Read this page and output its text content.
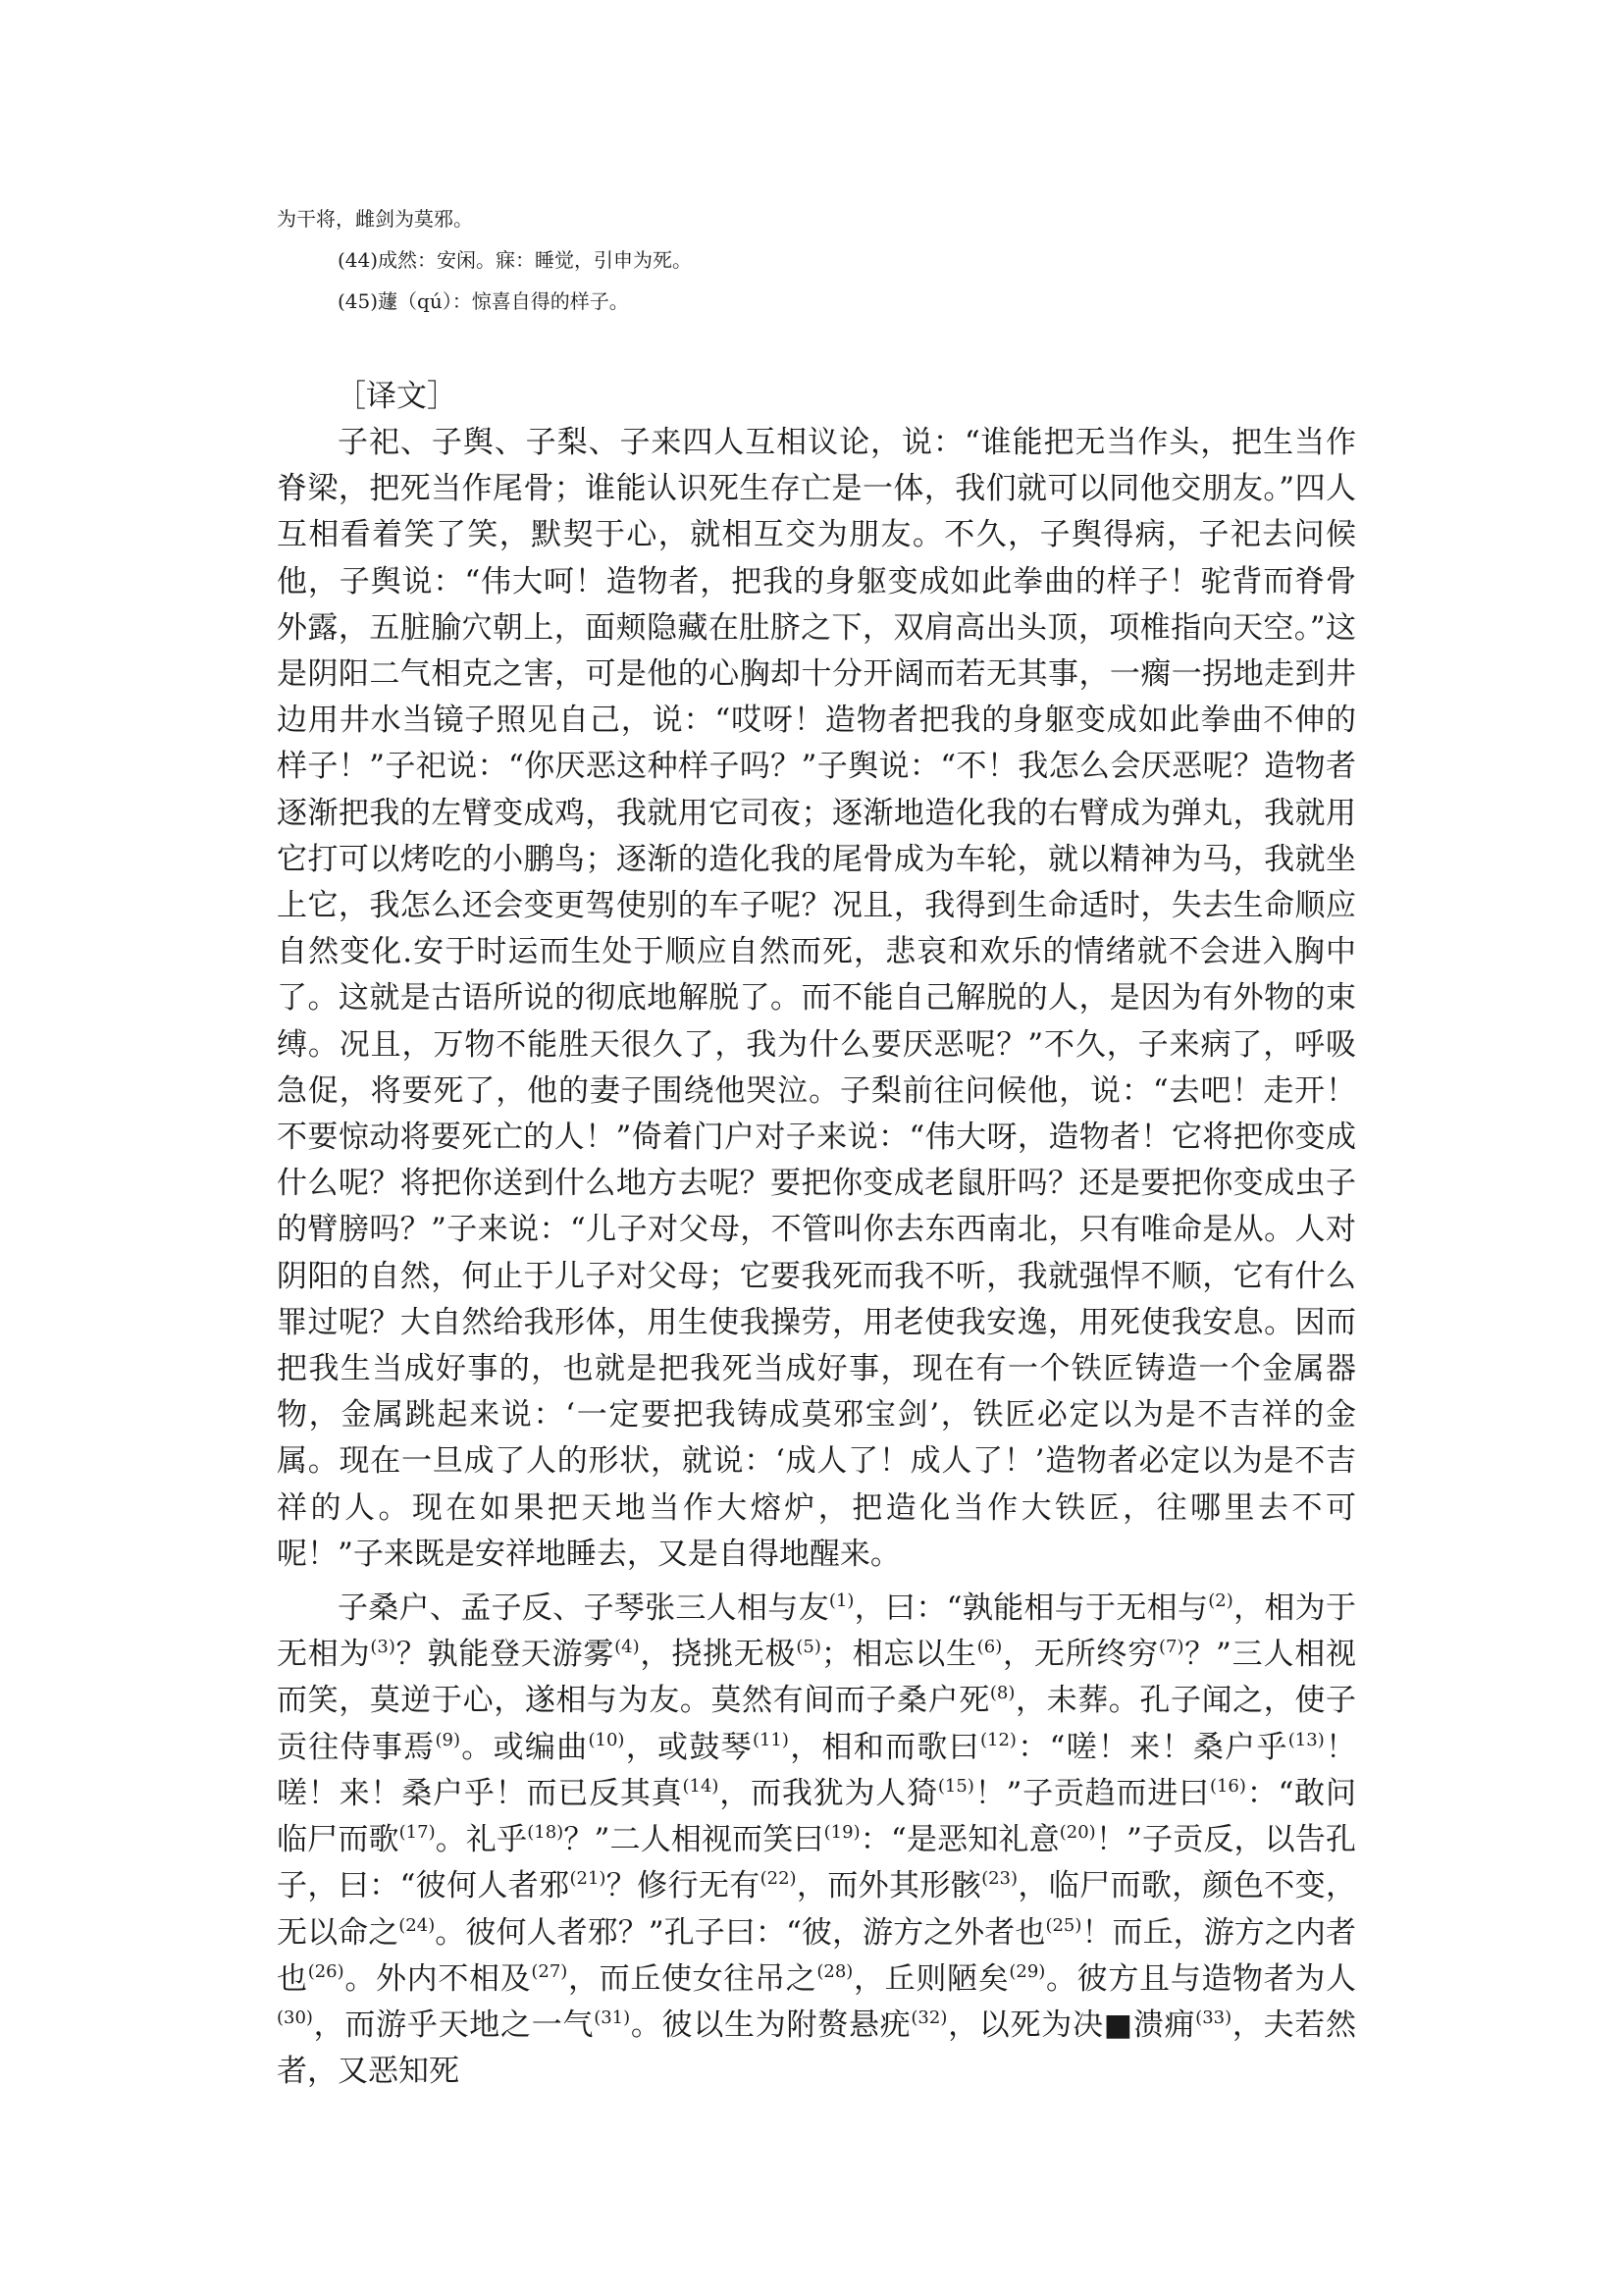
为干将，雌剑为莫邪。
(44)成然：安闲。寐：睡觉，引申为死。
(45)蘧（qú）：惊喜自得的样子。
［译文］

子祀、子舆、子梨、子来四人互相议论，说：“谁能把无当作头，把生当作脊梁，把死当作尾骨；谁能认识死生存亡是一体，我们就可以同他交朋友。”四人互相看着笑了笑，默契于心，就相互交为朋友。不久，子舆得病，子祀去问候他，子舆说：“伟大呵！造物者，把我的身躯变成如此拳曲的样子！驼背而脊骨外露，五脏腧穴朝上，面颊隐藏在肚脐之下，双肩高出头顶，项椎指向天空。”这是阴阳二气相克之害，可是他的心胸却十分开阔而若无其事，一瘸一拐地走到井边用井水当镜子照见自己，说：“哎呀！造物者把我的身躯变成如此拳曲不伸的样子！”子祀说：“你厌恶这种样子吗？”子舆说：“不！我怎么会厌恶呢？造物者逐渐把我的左臂变成鸡，我就用它司夜；逐渐地造化我的右臂成为弹丸，我就用它打可以烤吃的小鹏鸟；逐渐的造化我的尾骨成为车轮，就以精神为马，我就坐上它，我怎么还会变更驾使别的车子呢？况且，我得到生命适时，失去生命顺应自然变化.安于时运而生处于顺应自然而死，悲哀和欢乐的情绪就不会进入胸中了。这就是古语所说的彻底地解脱了。而不能自己解脱的人，是因为有外物的束缚。况且，万物不能胜天很久了，我为什么要厌恶呢？”不久，子来病了，呼吸急促，将要死了，他的妻子围绕他哭泣。子梨前往问候他，说：“去吧！走开！不要惊动将要死亡的人！”倚着门户对子来说：“伟大呀，造物者！它将把你变成什么呢？将把你送到什么地方去呢？要把你变成老鼠肝吗？还是要把你变成虫子的臂膀吗？”子来说：“儿子对父母，不管叫你去东西南北，只有唯命是从。人对阴阳的自然，何止于儿子对父母；它要我死而我不听，我就强悍不顺，它有什么罪过呢？大自然给我形体，用生使我操劳，用老使我安逸，用死使我安息。因而把我生当成好事的，也就是把我死当成好事，现在有一个铁匠铸造一个金属器物，金属跳起来说：‘一定要把我铸成莫邪宝剑’，铁匠必定以为是不吉祥的金属。现在一旦成了人的形状，就说：‘成人了！成人了！’造物者必定以为是不吉祥的人。现在如果把天地当作大熔炉，把造化当作大铁匠，往哪里去不可呢！”子来既是安祥地睡去，又是自得地醒来。

子桑户、孟子反、子琴张三人相与友$^{(1)}$，曰：“孰能相与于无相与$^{(2)}$，相为于无相为$^{(3)}$？孰能登天游雾$^{(4)}$，挠挑无极$^{(5)}$；相忘以生$^{(6)}$，无所终穷$^{(7)}$？”三人相视而笑，莫逆于心，遂相与为友。莫然有间而子桑户死$^{(8)}$，未葬。孔子闻之，使子贡往侍事焉$^{(9)}$。或编曲$^{(10)}$，或鼓琴$^{(11)}$，相和而歌曰$^{(12)}$：“嗟！来！桑户乎$^{(13)}$！嗟！来！桑户乎！而已反其真$^{(14)}$，而我犹为人猗$^{(15)}$！”子贡趋而进曰$^{(16)}$：“敢问临尸而歌$^{(17)}$。礼乎$^{(18)}$？”二人相视而笑曰$^{(19)}$：“是恶知礼意$^{(20)}$！”子贡反，以告孔子，曰：“彼何人者邪$^{(21)}$？修行无有$^{(22)}$，而外其形骸$^{(23)}$，临尸而歌，颜色不变，无以命之$^{(24)}$。彼何人者邪？”孔子曰：“彼，游方之外者也$^{(25)}$！而丘，游方之内者也$^{(26)}$。外内不相及$^{(27)}$，而丘使女往吊之$^{(28)}$，丘则陋矣$^{(29)}$。彼方且与造物者为人$^{(30)}$，而游乎天地之一气$^{(31)}$。彼以生为附赘悬疣$^{(32)}$，以死为决■溃痈$^{(33)}$，夫若然者，又恶知死
